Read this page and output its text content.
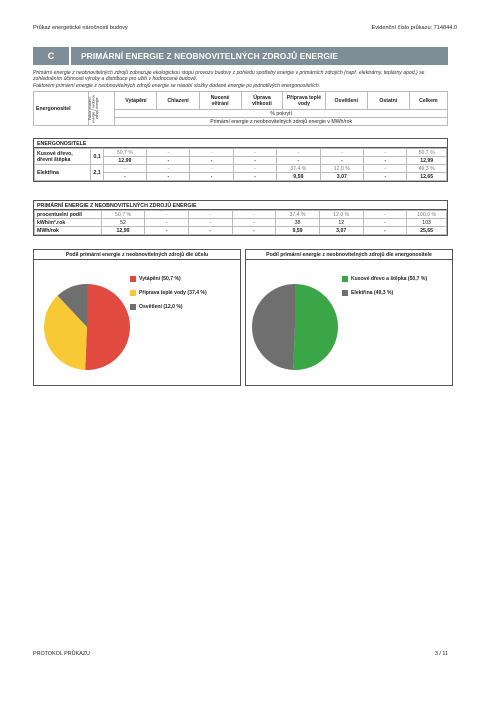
Průkaz energetické náročnosti budovy	Evidenční číslo průkazu: 714844.0
C	PRIMÁRNÍ ENERGIE Z NEOBNOVITELNÝCH ZDROJŮ ENERGIE
Primární energie z neobnovitelných zdrojů zobrazuje ekologickou stopu provozu budovy z pohledu spotřeby energie v primárních zdrojích (např. elektrárny, teplárny apod.) se zohledněním účinnosti výroby a distribuce pro užití v hodnocené budově.
Faktorem primární energie z neobnovitelných zdrojů energie se násobí složky dodané energie po jednotlivých energonositelích.
Energonositel	Faktor primární energie z neobnov. zdrojů energie	Vytápění	Chlazení	Nucené větrání	Úprava vlhkosti	Příprava teplé vody	Osvětlení	Ostatní	Celkem
% pokrytí
Primární energie z neobnovitelných zdrojů energie v MWh/rok
ENERGONOSITELE
Kusové dřevo, dřevní štěpka	0,1	50,7 %	-	-	-	-	-	-	50,7 %
		12,99	-	-	-	-	-	-	12,99
Elektřina	2,1	-	-	-	-	37,4 %	12,0 %	-	49,3 %
		-	-	-	-	9,59	3,07	-	12,65
PRIMÁRNÍ ENERGIE Z NEOBNOVITELNÝCH ZDROJŮ ENERGIE
procentuelní podíl	50,7 %	-	-	-	37,4 %	12,0 %	-	100,0 %
kWh/m².rok	52	-	-	-	38	12	-	103
MWh/rok	12,99	-	-	-	9,59	3,07	-	25,65
Podíl primární energie z neobnovitelných zdrojů dle účelu
Vytápění (50,7 %)
Příprava teplé vody (37,4 %)
Osvětlení (12,0 %)
Podíl primární energie z neobnovitelných zdrojů dle energonositele
Kusové dřevo a štěpka (50,7 %)
Elektřina (49,3 %)
PROTOKOL PRŮKAZU	3 / 11
